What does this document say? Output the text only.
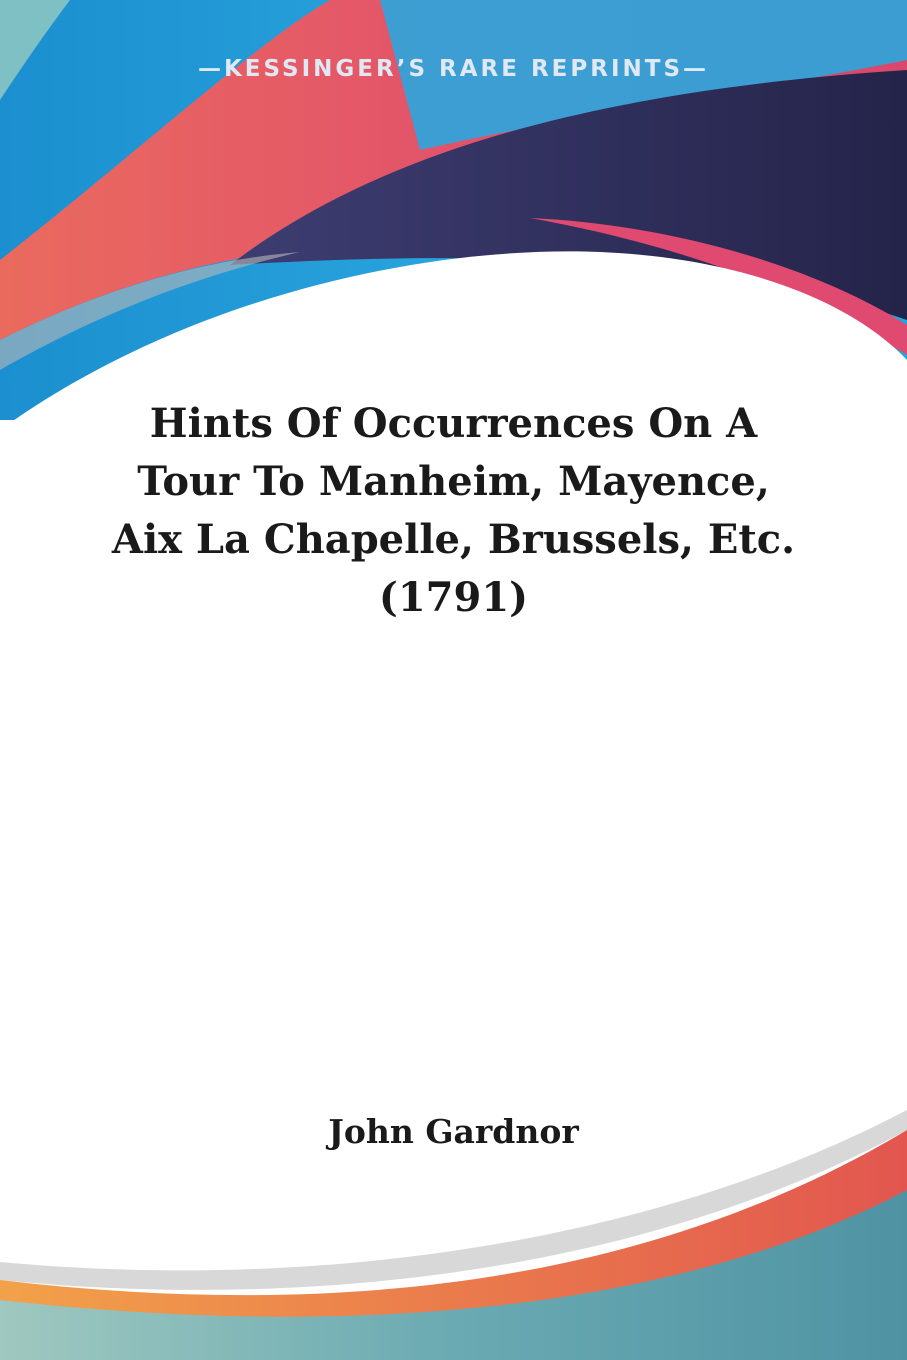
—KESSINGER’S RARE REPRINTS—
Hints Of Occurrences On A
Tour To Manheim, Mayence,
Aix La Chapelle, Brussels, Etc.
(1791)
John Gardnor
